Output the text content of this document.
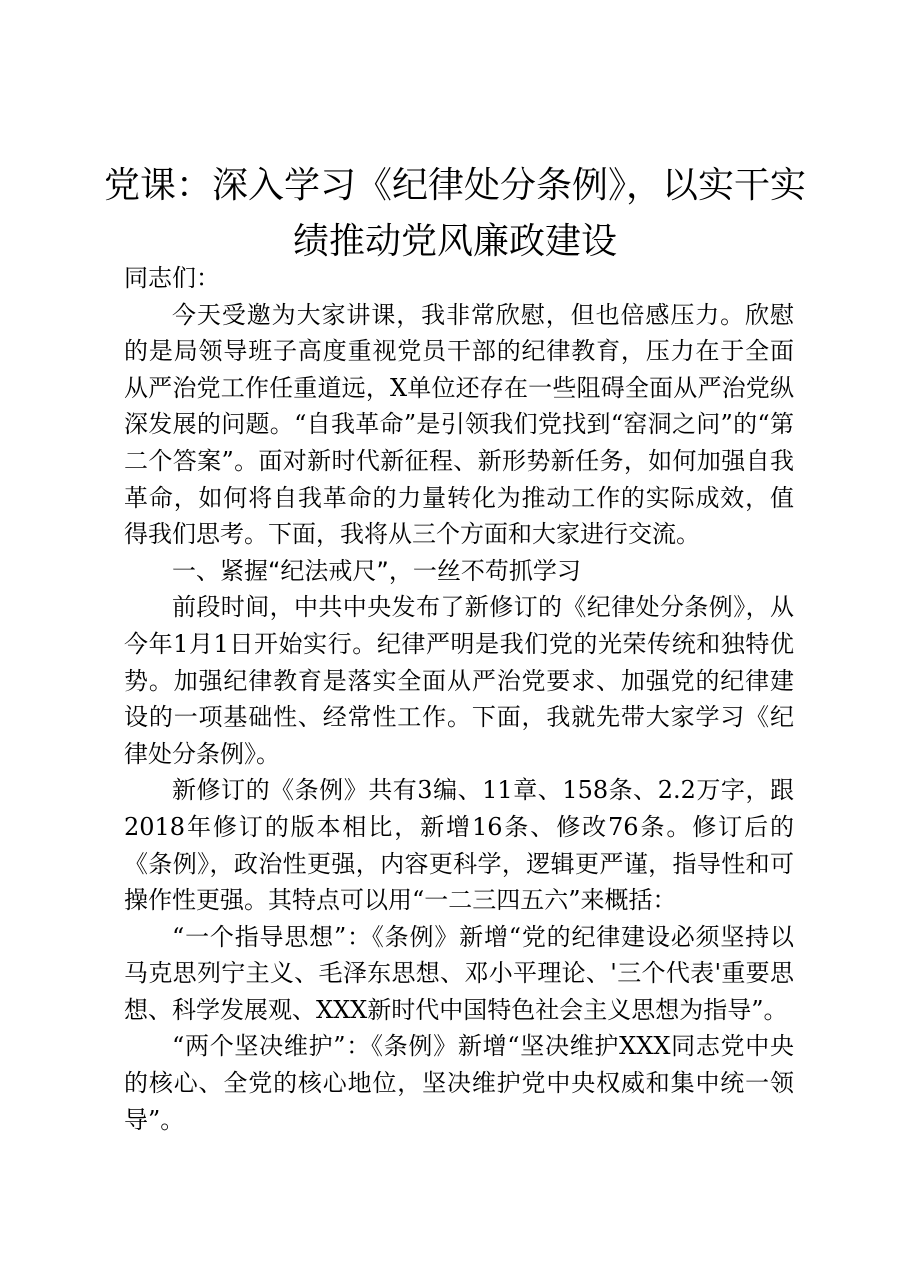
党课：深入学习《纪律处分条例》，以实干实绩推动党风廉政建设

同志们：

今天受邀为大家讲课，我非常欣慰，但也倍感压力。欣慰的是局领导班子高度重视党员干部的纪律教育，压力在于全面从严治党工作任重道远，X单位还存在一些阻碍全面从严治党纵深发展的问题。“自我革命”是引领我们党找到“窑洞之问”的“第二个答案”。面对新时代新征程、新形势新任务，如何加强自我革命，如何将自我革命的力量转化为推动工作的实际成效，值得我们思考。下面，我将从三个方面和大家进行交流。

一、紧握“纪法戒尺”，一丝不苟抓学习

前段时间，中共中央发布了新修订的《纪律处分条例》，从今年1月1日开始实行。纪律严明是我们党的光荣传统和独特优势。加强纪律教育是落实全面从严治党要求、加强党的纪律建设的一项基础性、经常性工作。下面，我就先带大家学习《纪律处分条例》。

新修订的《条例》共有3编、11章、158条、2.2万字，跟2018年修订的版本相比，新增16条、修改76条。修订后的《条例》，政治性更强，内容更科学，逻辑更严谨，指导性和可操作性更强。其特点可以用“一二三四五六”来概括：

“一个指导思想”：《条例》新增“党的纪律建设必须坚持以马克思列宁主义、毛泽东思想、邓小平理论、'三个代表'重要思想、科学发展观、XXX新时代中国特色社会主义思想为指导”。

“两个坚决维护”：《条例》新增“坚决维护XXX同志党中央的核心、全党的核心地位，坚决维护党中央权威和集中统一领导”。
